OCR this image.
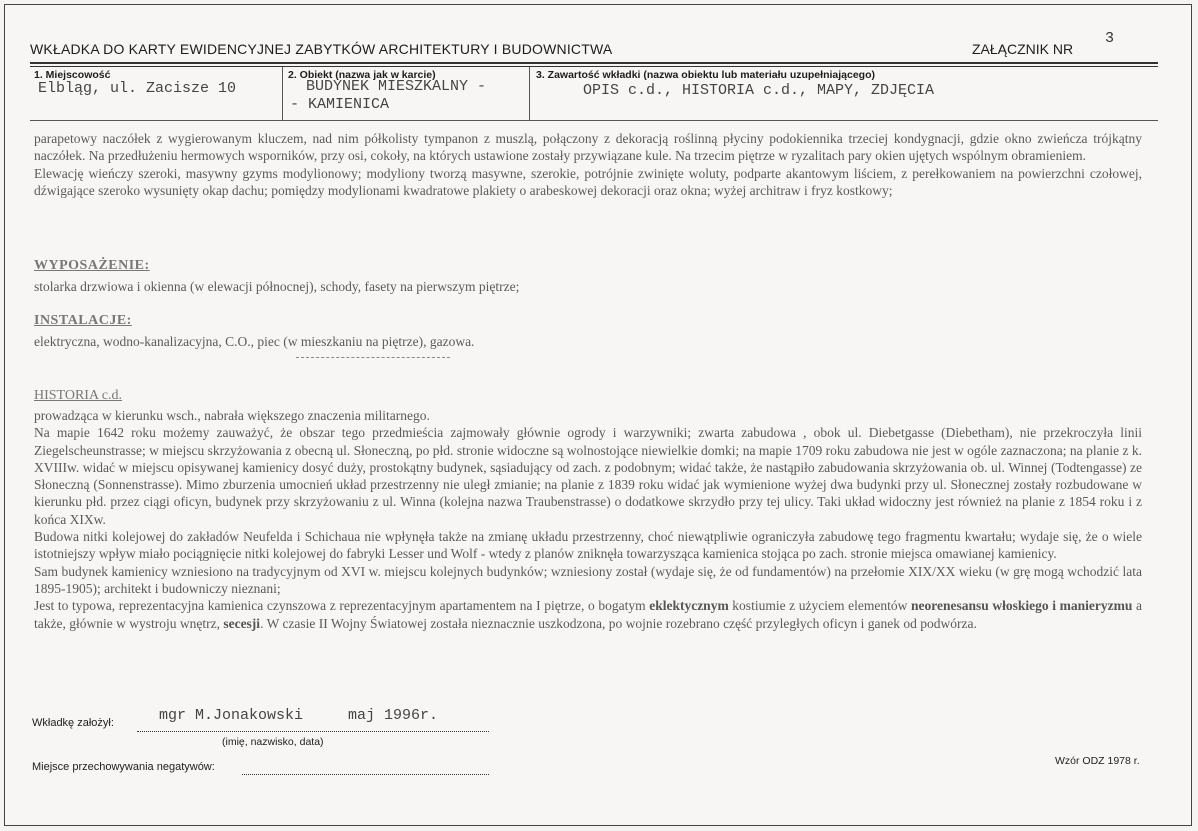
WKŁADKA DO KARTY EWIDENCYJNEJ ZABYTKÓW ARCHITEKTURY I BUDOWNICTWA	ZAŁĄCZNIK NR
3
1. Miejscowość
Elbląg, ul. Zacisze 10
2. Obiekt (nazwa jak w karcie)
BUDYNEK MIESZKALNY -
- KAMIENICA
3. Zawartość wkładki (nazwa obiektu lub materiału uzupełniającego)
OPIS c.d., HISTORIA c.d., MAPY, ZDJĘCIA

parapetowy naczółek z wygierowanym kluczem, nad nim półkolisty tympanon z muszlą, połączony z dekoracją roślinną płyciny podokiennika trzeciej kondygnacji, gdzie okno zwieńcza trójkątny naczółek. Na przedłużeniu hermowych wsporników, przy osi, cokoły, na których ustawione zostały przywiązane kule. Na trzecim piętrze w ryzalitach pary okien ujętych wspólnym obramieniem.

Elewację wieńczy szeroki, masywny gzyms modylionowy; modyliony tworzą masywne, szerokie, potrójnie zwinięte woluty, podparte akantowym liściem, z perełkowaniem na powierzchni czołowej, dźwigające szeroko wysunięty okap dachu; pomiędzy modylionami kwadratowe plakiety o arabeskowej dekoracji oraz okna; wyżej architraw i fryz kostkowy;

WYPOSAŻENIE:
stolarka drzwiowa i okienna (w elewacji północnej), schody, fasety na pierwszym piętrze;
INSTALACJE:
elektryczna, wodno-kanalizacyjna, C.O., piec (w mieszkaniu na piętrze), gazowa.
HISTORIA c.d.

prowadząca w kierunku wsch., nabrała większego znaczenia militarnego.

Na mapie 1642 roku możemy zauważyć, że obszar tego przedmieścia zajmowały głównie ogrody i warzywniki; zwarta zabudowa , obok ul. Diebetgasse (Diebetham), nie przekroczyła linii Ziegelscheunstrasse; w miejscu skrzyżowania z obecną ul. Słoneczną, po płd. stronie widoczne są wolnostojące niewielkie domki; na mapie 1709 roku zabudowa nie jest w ogóle zaznaczona; na planie z k. XVIIIw. widać w miejscu opisywanej kamienicy dosyć duży, prostokątny budynek, sąsiadujący od zach. z podobnym; widać także, że nastąpiło zabudowania skrzyżowania ob. ul. Winnej (Todtengasse) ze Słoneczną (Sonnenstrasse). Mimo zburzenia umocnień układ przestrzenny nie uległ zmianie; na planie z 1839 roku widać jak wymienione wyżej dwa budynki przy ul. Słonecznej zostały rozbudowane w kierunku płd. przez ciągi oficyn, budynek przy skrzyżowaniu z ul. Winna (kolejna nazwa Traubenstrasse) o dodatkowe skrzydło przy tej ulicy. Taki układ widoczny jest również na planie z 1854 roku i z końca XIXw.

Budowa nitki kolejowej do zakładów Neufelda i Schichaua nie wpłynęła także na zmianę układu przestrzenny, choć niewątpliwie ograniczyła zabudowę tego fragmentu kwartału; wydaje się, że o wiele istotniejszy wpływ miało pociągnięcie nitki kolejowej do fabryki Lesser und Wolf - wtedy z planów zniknęła towarzysząca kamienica stojąca po zach. stronie miejsca omawianej kamienicy.

Sam budynek kamienicy wzniesiono na tradycyjnym od XVI w. miejscu kolejnych budynków; wzniesiony został (wydaje się, że od fundamentów) na przełomie XIX/XX wieku (w grę mogą wchodzić lata 1895-1905); architekt i budowniczy nieznani;

Jest to typowa, reprezentacyjna kamienica czynszowa z reprezentacyjnym apartamentem na I piętrze, o bogatym eklektycznym kostiumie z użyciem elementów neorenesansu włoskiego i manieryzmu a także, głównie w wystroju wnętrz, secesji. W czasie II Wojny Światowej została nieznacznie uszkodzona, po wojnie rozebrano część przyległych oficyn i ganek od podwórza.

Wkładkę założył:	mgr M.Jonakowski     maj 1996r.
(imię, nazwisko, data)
Miejsce przechowywania negatywów:	Wzór ODZ 1978 r.
